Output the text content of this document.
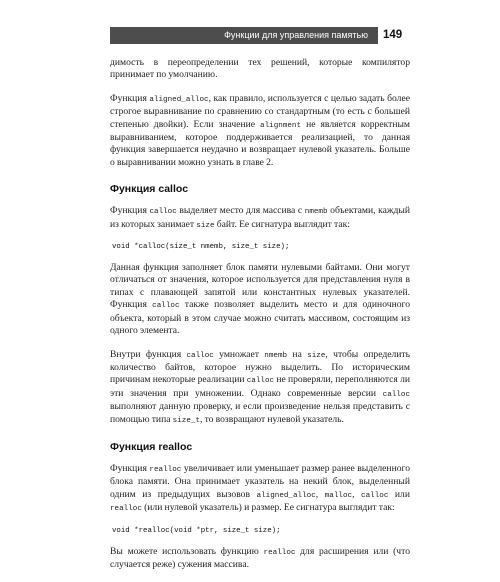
Функции для управления памятью	149

димость в переопределении тех решений, которые компилятор принимает по умолчанию.

Функция aligned_alloc, как правило, используется с целью задать более строгое выравнивание по сравнению со стандартным (то есть с большей степенью двойки). Если значение alignment не является корректным выравниванием, которое поддерживается реализацией, то данная функция завершается неудачно и возвращает нулевой указатель. Больше о выравнивании можно узнать в главе 2.

Функция calloc

Функция calloc выделяет место для массива с nmemb объектами, каждый из которых занимает size байт. Ее сигнатура выглядит так:

void *calloc(size_t nmemb, size_t size);

Данная функция заполняет блок памяти нулевыми байтами. Они могут отличаться от значения, которое используется для представления нуля в типах с плавающей запятой или константных нулевых указателей. Функция calloc также позволяет выделить место и для одиночного объекта, который в этом случае можно считать массивом, состоящим из одного элемента.

Внутри функция calloc умножает nmemb на size, чтобы определить количество байтов, которое нужно выделить. По историческим причинам некоторые реализации calloc не проверяли, переполняются ли эти значения при умножении. Однако современные версии calloc выполняют данную проверку, и если произведение нельзя представить с помощью типа size_t, то возвращают нулевой указатель.

Функция realloc

Функция realloc увеличивает или уменьшает размер ранее выделенного блока памяти. Она принимает указатель на некий блок, выделенный одним из предыдущих вызовов aligned_alloc, malloc, calloc или realloc (или нулевой указатель) и размер. Ее сигнатура выглядит так:

void *realloc(void *ptr, size_t size);

Вы можете использовать функцию realloc для расширения или (что случается реже) сужения массива.
